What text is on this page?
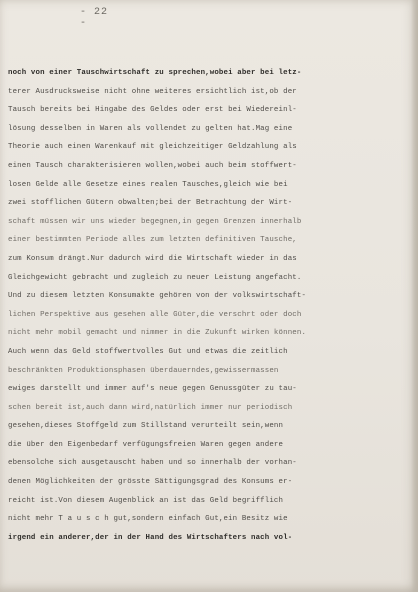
- 22 -
noch von einer Tauschwirtschaft zu sprechen,wobei aber bei letz-
terer Ausdrucksweise nicht ohne weiteres ersichtlich ist,ob der
Tausch bereits bei Hingabe des Geldes oder erst bei Wiedereinl-
lösung desselben in Waren als vollendet zu gelten hat.Mag eine
Theorie auch einen Warenkauf mit gleichzeitiger Geldzahlung als
einen Tausch charakterisieren wollen,wobei auch beim stoffwert-
losen Gelde alle Gesetze eines realen Tausches,gleich wie bei
zwei stofflichen Gütern obwalten;bei der Betrachtung der Wirt-
schaft müssen wir uns wieder begegnen,in gegen Grenzen innerhalb
einer bestimmten Periode alles zum letzten definitiven Tausche,
zum Konsum drängt.Nur dadurch wird die Wirtschaft wieder in das
Gleichgewicht gebracht und zugleich zu neuer Leistung angefacht.
Und zu diesem letzten Konsumakte gehören von der volkswirtschaft-
lichen Perspektive aus gesehen alle Güter,die verschrt oder doch
nicht mehr mobil gemacht und nimmer in die Zukunft wirken können.
Auch wenn das Geld stoffwertvolles Gut und etwas die zeitlich
beschränkten Produktionsphasen überdauerndes,gewissermassen
ewiges darstellt und immer auf's neue gegen Genussgüter zu tau-
schen bereit ist,auch dann wird,natürlich immer nur periodisch
gesehen,dieses Stoffgeld zum Stillstand verurteilt sein,wenn
die über den Eigenbedarf verfügungsfreien Waren gegen andere
ebensolche sich ausgetauscht haben und so innerhalb der vorhan-
denen Möglichkeiten der grösste Sättigungsgrad des Konsums er-
reicht ist.Von diesem Augenblick an ist das Geld begrifflich
nicht mehr T a u s c h gut,sondern einfach Gut,ein Besitz wie
irgend ein anderer,der in der Hand des Wirtschafters nach vol-
